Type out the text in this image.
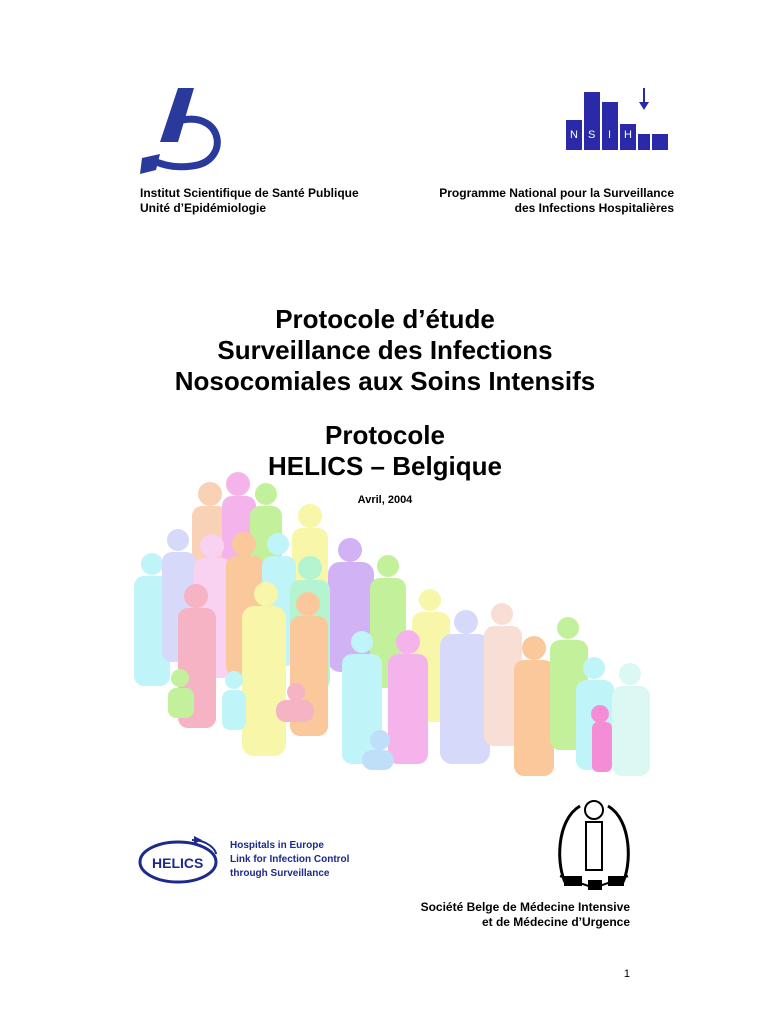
N S I H
Institut Scientifique de Santé Publique
Unité d’Epidémiologie
Programme National pour la Surveillance
des Infections Hospitalières
Protocole d’étude
Surveillance des Infections
Nosocomiales aux Soins Intensifs
Protocole
HELICS – Belgique
Avril, 2004
HELICS
Hospitals in Europe
Link for Infection Control
through Surveillance
Société Belge de Médecine Intensive
et de Médecine d’Urgence
1
